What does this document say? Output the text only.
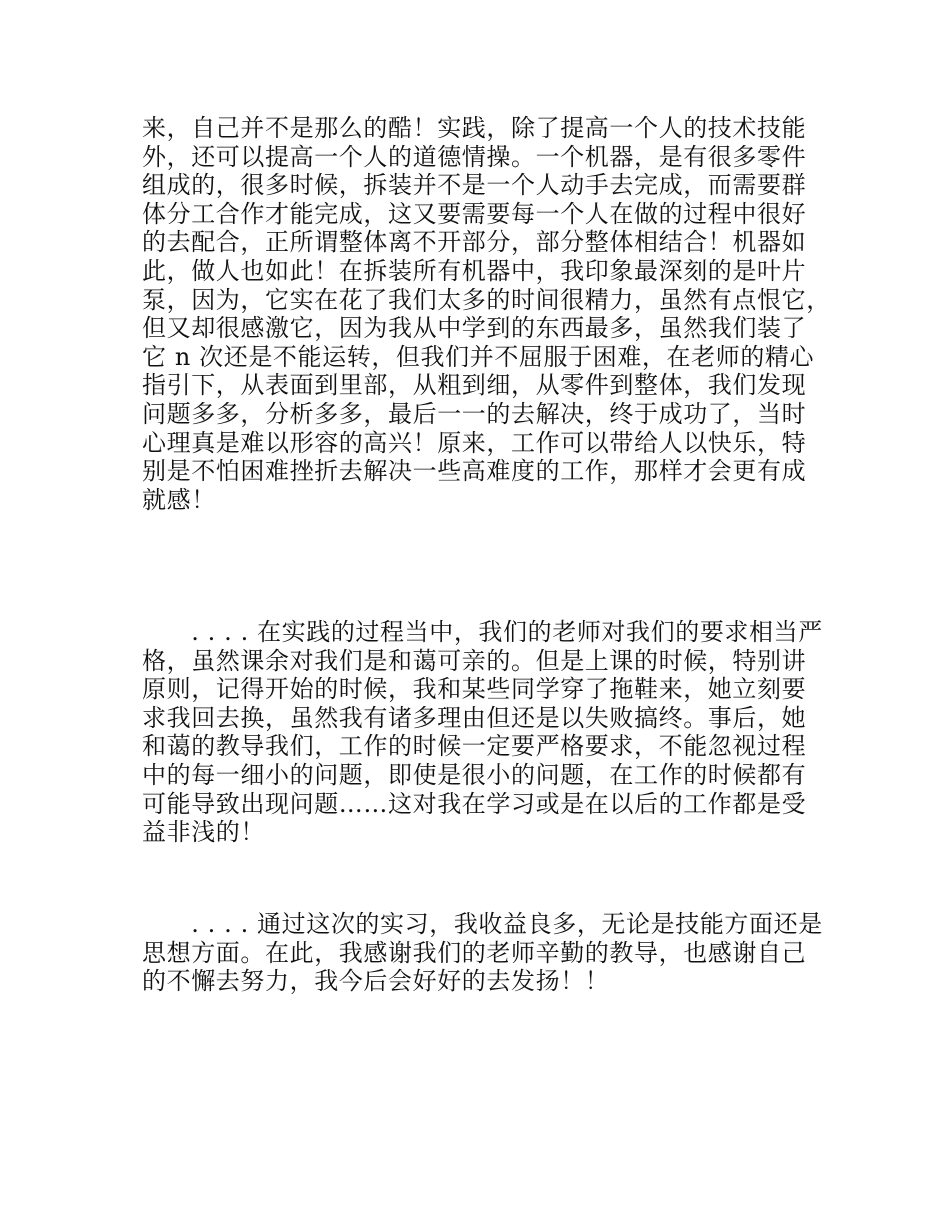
来，自己并不是那么的酷！实践，除了提高一个人的技术技能
外，还可以提高一个人的道德情操。一个机器，是有很多零件
组成的，很多时候，拆装并不是一个人动手去完成，而需要群
体分工合作才能完成，这又要需要每一个人在做的过程中很好
的去配合，正所谓整体离不开部分，部分整体相结合！机器如
此，做人也如此！在拆装所有机器中，我印象最深刻的是叶片
泵，因为，它实在花了我们太多的时间很精力，虽然有点恨它，
但又却很感激它，因为我从中学到的东西最多，虽然我们装了
它 n 次还是不能运转，但我们并不屈服于困难，在老师的精心
指引下，从表面到里部，从粗到细，从零件到整体，我们发现
问题多多，分析多多，最后一一的去解决，终于成功了，当时
心理真是难以形容的高兴！原来，工作可以带给人以快乐，特
别是不怕困难挫折去解决一些高难度的工作，那样才会更有成
就感！

　　. . . . 在实践的过程当中，我们的老师对我们的要求相当严
格，虽然课余对我们是和蔼可亲的。但是上课的时候，特别讲
原则，记得开始的时候，我和某些同学穿了拖鞋来，她立刻要
求我回去换，虽然我有诸多理由但还是以失败搞终。事后，她
和蔼的教导我们，工作的时候一定要严格要求，不能忽视过程
中的每一细小的问题，即使是很小的问题，在工作的时候都有
可能导致出现问题……这对我在学习或是在以后的工作都是受
益非浅的！

　　. . . . 通过这次的实习，我收益良多，无论是技能方面还是
思想方面。在此，我感谢我们的老师辛勤的教导，也感谢自己
的不懈去努力，我今后会好好的去发扬！！
